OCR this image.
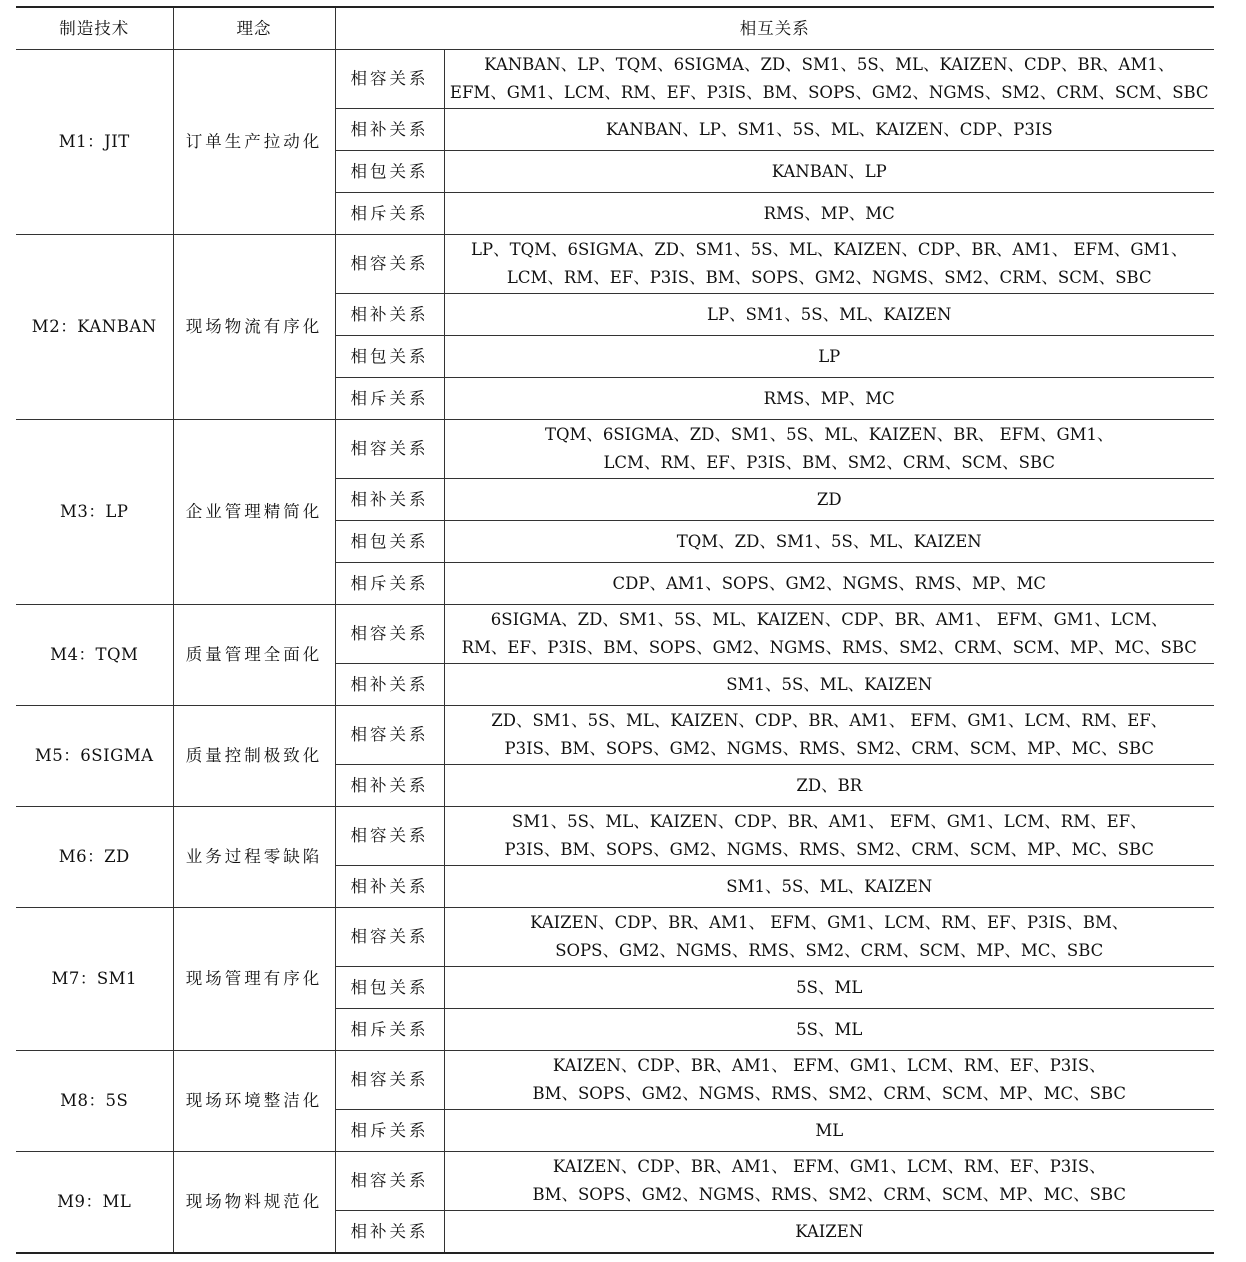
制造技术	理念	相互关系	
M1：JIT	订单生产拉动化	相容关系	KANBAN、LP、TQM、6SIGMA、ZD、SM1、5S、ML、KAIZEN、CDP、BR、AM1、
EFM、GM1、LCM、RM、EF、P3IS、BM、SOPS、GM2、NGMS、SM2、CRM、SCM、SBC

		相补关系	KANBAN、LP、SM1、5S、ML、KAIZEN、CDP、P3IS

		相包关系	KANBAN、LP

		相斥关系	RMS、MP、MC

M2：KANBAN	现场物流有序化	相容关系	LP、TQM、6SIGMA、ZD、SM1、5S、ML、KAIZEN、CDP、BR、AM1、 EFM、GM1、
LCM、RM、EF、P3IS、BM、SOPS、GM2、NGMS、SM2、CRM、SCM、SBC

		相补关系	LP、SM1、5S、ML、KAIZEN

		相包关系	LP

		相斥关系	RMS、MP、MC

M3：LP	企业管理精简化	相容关系	TQM、6SIGMA、ZD、SM1、5S、ML、KAIZEN、BR、 EFM、GM1、
LCM、RM、EF、P3IS、BM、SM2、CRM、SCM、SBC

		相补关系	ZD

		相包关系	TQM、ZD、SM1、5S、ML、KAIZEN

		相斥关系	CDP、AM1、SOPS、GM2、NGMS、RMS、MP、MC

M4：TQM	质量管理全面化	相容关系	6SIGMA、ZD、SM1、5S、ML、KAIZEN、CDP、BR、AM1、 EFM、GM1、LCM、
RM、EF、P3IS、BM、SOPS、GM2、NGMS、RMS、SM2、CRM、SCM、MP、MC、SBC

		相补关系	SM1、5S、ML、KAIZEN

M5：6SIGMA	质量控制极致化	相容关系	ZD、SM1、5S、ML、KAIZEN、CDP、BR、AM1、 EFM、GM1、LCM、RM、EF、
P3IS、BM、SOPS、GM2、NGMS、RMS、SM2、CRM、SCM、MP、MC、SBC

		相补关系	ZD、BR

M6：ZD	业务过程零缺陷	相容关系	SM1、5S、ML、KAIZEN、CDP、BR、AM1、 EFM、GM1、LCM、RM、EF、
P3IS、BM、SOPS、GM2、NGMS、RMS、SM2、CRM、SCM、MP、MC、SBC

		相补关系	SM1、5S、ML、KAIZEN

M7：SM1	现场管理有序化	相容关系	KAIZEN、CDP、BR、AM1、 EFM、GM1、LCM、RM、EF、P3IS、BM、
SOPS、GM2、NGMS、RMS、SM2、CRM、SCM、MP、MC、SBC

		相包关系	5S、ML

		相斥关系	5S、ML

M8：5S	现场环境整洁化	相容关系	KAIZEN、CDP、BR、AM1、 EFM、GM1、LCM、RM、EF、P3IS、
BM、SOPS、GM2、NGMS、RMS、SM2、CRM、SCM、MP、MC、SBC

		相斥关系	ML

M9：ML	现场物料规范化	相容关系	KAIZEN、CDP、BR、AM1、 EFM、GM1、LCM、RM、EF、P3IS、
BM、SOPS、GM2、NGMS、RMS、SM2、CRM、SCM、MP、MC、SBC

		相补关系	KAIZEN
